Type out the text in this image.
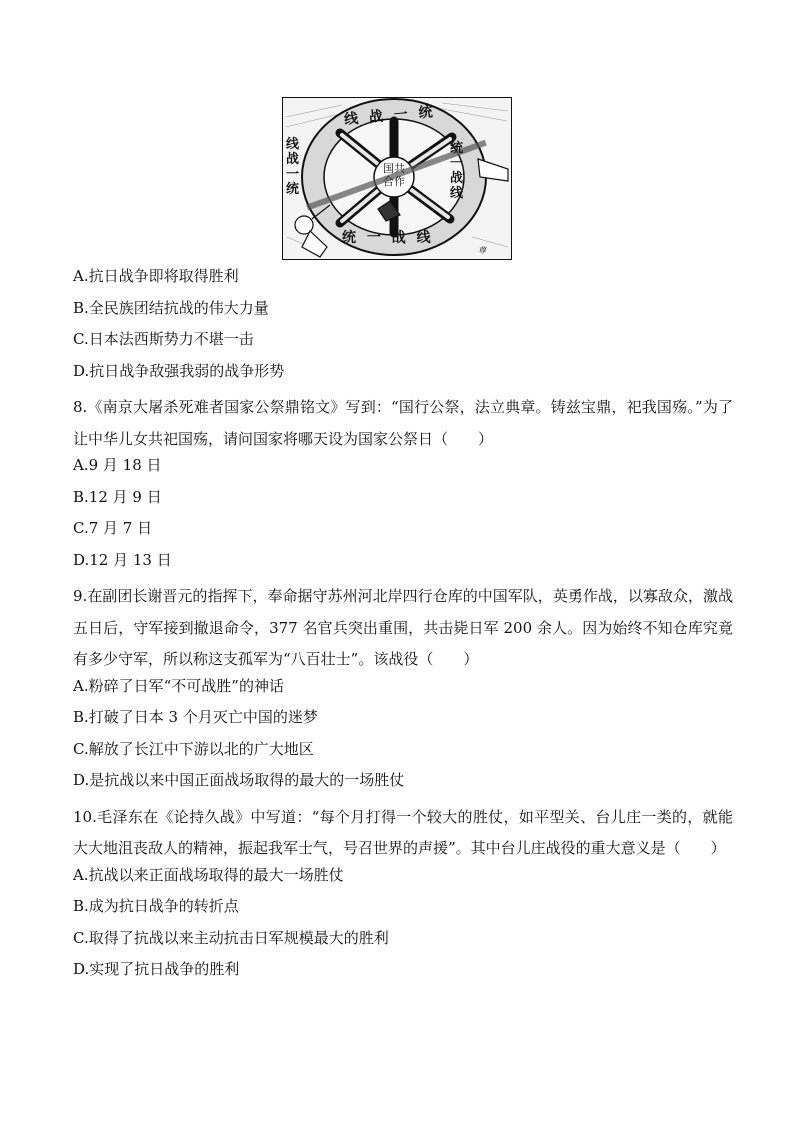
尊
线 战 一 统
线 战 一 统
统 一 战 线
统 一 战 线
国共合作
A.抗日战争即将取得胜利
B.全民族团结抗战的伟大力量
C.日本法西斯势力不堪一击
D.抗日战争敌强我弱的战争形势
8.《南京大屠杀死难者国家公祭鼎铭文》写到：“国行公祭，法立典章。铸兹宝鼎，祀我国殇。”为了让中华儿女共祀国殇，请问国家将哪天设为国家公祭日（　　）
A.9 月 18 日
B.12 月 9 日
C.7 月 7 日
D.12 月 13 日
9.在副团长谢晋元的指挥下，奉命据守苏州河北岸四行仓库的中国军队，英勇作战，以寡敌众，激战五日后，守军接到撤退命令，377 名官兵突出重围，共击毙日军 200 余人。因为始终不知仓库究竟有多少守军，所以称这支孤军为“八百壮士”。该战役（　　）
A.粉碎了日军“不可战胜”的神话
B.打破了日本 3 个月灭亡中国的迷梦
C.解放了长江中下游以北的广大地区
D.是抗战以来中国正面战场取得的最大的一场胜仗
10.毛泽东在《论持久战》中写道：“每个月打得一个较大的胜仗，如平型关、台儿庄一类的，就能大大地沮丧敌人的精神，振起我军士气，号召世界的声援”。其中台儿庄战役的重大意义是（　　）
A.抗战以来正面战场取得的最大一场胜仗
B.成为抗日战争的转折点
C.取得了抗战以来主动抗击日军规模最大的胜利
D.实现了抗日战争的胜利
